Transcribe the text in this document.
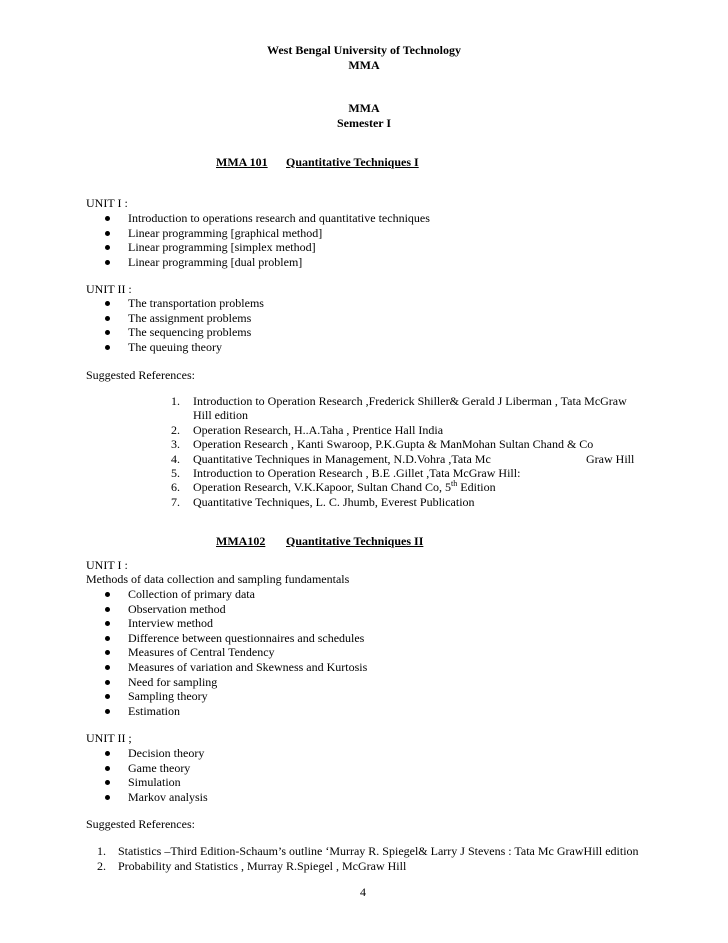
West Bengal University of Technology
MMA
MMA
Semester I
MMA 101 Quantitative Techniques I
UNIT I :
Introduction to operations research and quantitative techniques
Linear programming [graphical method]
Linear programming [simplex method]
Linear programming [dual problem]
UNIT II :
The transportation problems
The assignment problems
The sequencing problems
The queuing theory
Suggested References:
1. Introduction to Operation Research ,Frederick Shiller& Gerald J Liberman , Tata McGraw
Hill edition
2. Operation Research, H..A.Taha , Prentice Hall India
3. Operation Research , Kanti Swaroop, P.K.Gupta & ManMohan Sultan Chand & Co
4. Quantitative Techniques in Management, N.D.Vohra ,Tata Mc	Graw Hill
5. Introduction to Operation Research , B.E .Gillet ,Tata McGraw Hill:
6. Operation Research, V.K.Kapoor, Sultan Chand Co, 5th Edition
7. Quantitative Techniques, L. C. Jhumb, Everest Publication
MMA102 Quantitative Techniques II
UNIT I :
Methods of data collection and sampling fundamentals
Collection of primary data
Observation method
Interview method
Difference between questionnaires and schedules
Measures of Central Tendency
Measures of variation and Skewness and Kurtosis
Need for sampling
Sampling theory
Estimation
UNIT II ;
Decision theory
Game theory
Simulation
Markov analysis
Suggested References:
1. Statistics –Third Edition-Schaum’s outline ‘Murray R. Spiegel& Larry J Stevens : Tata Mc GrawHill edition
2. Probability and Statistics , Murray R.Spiegel , McGraw Hill
4
